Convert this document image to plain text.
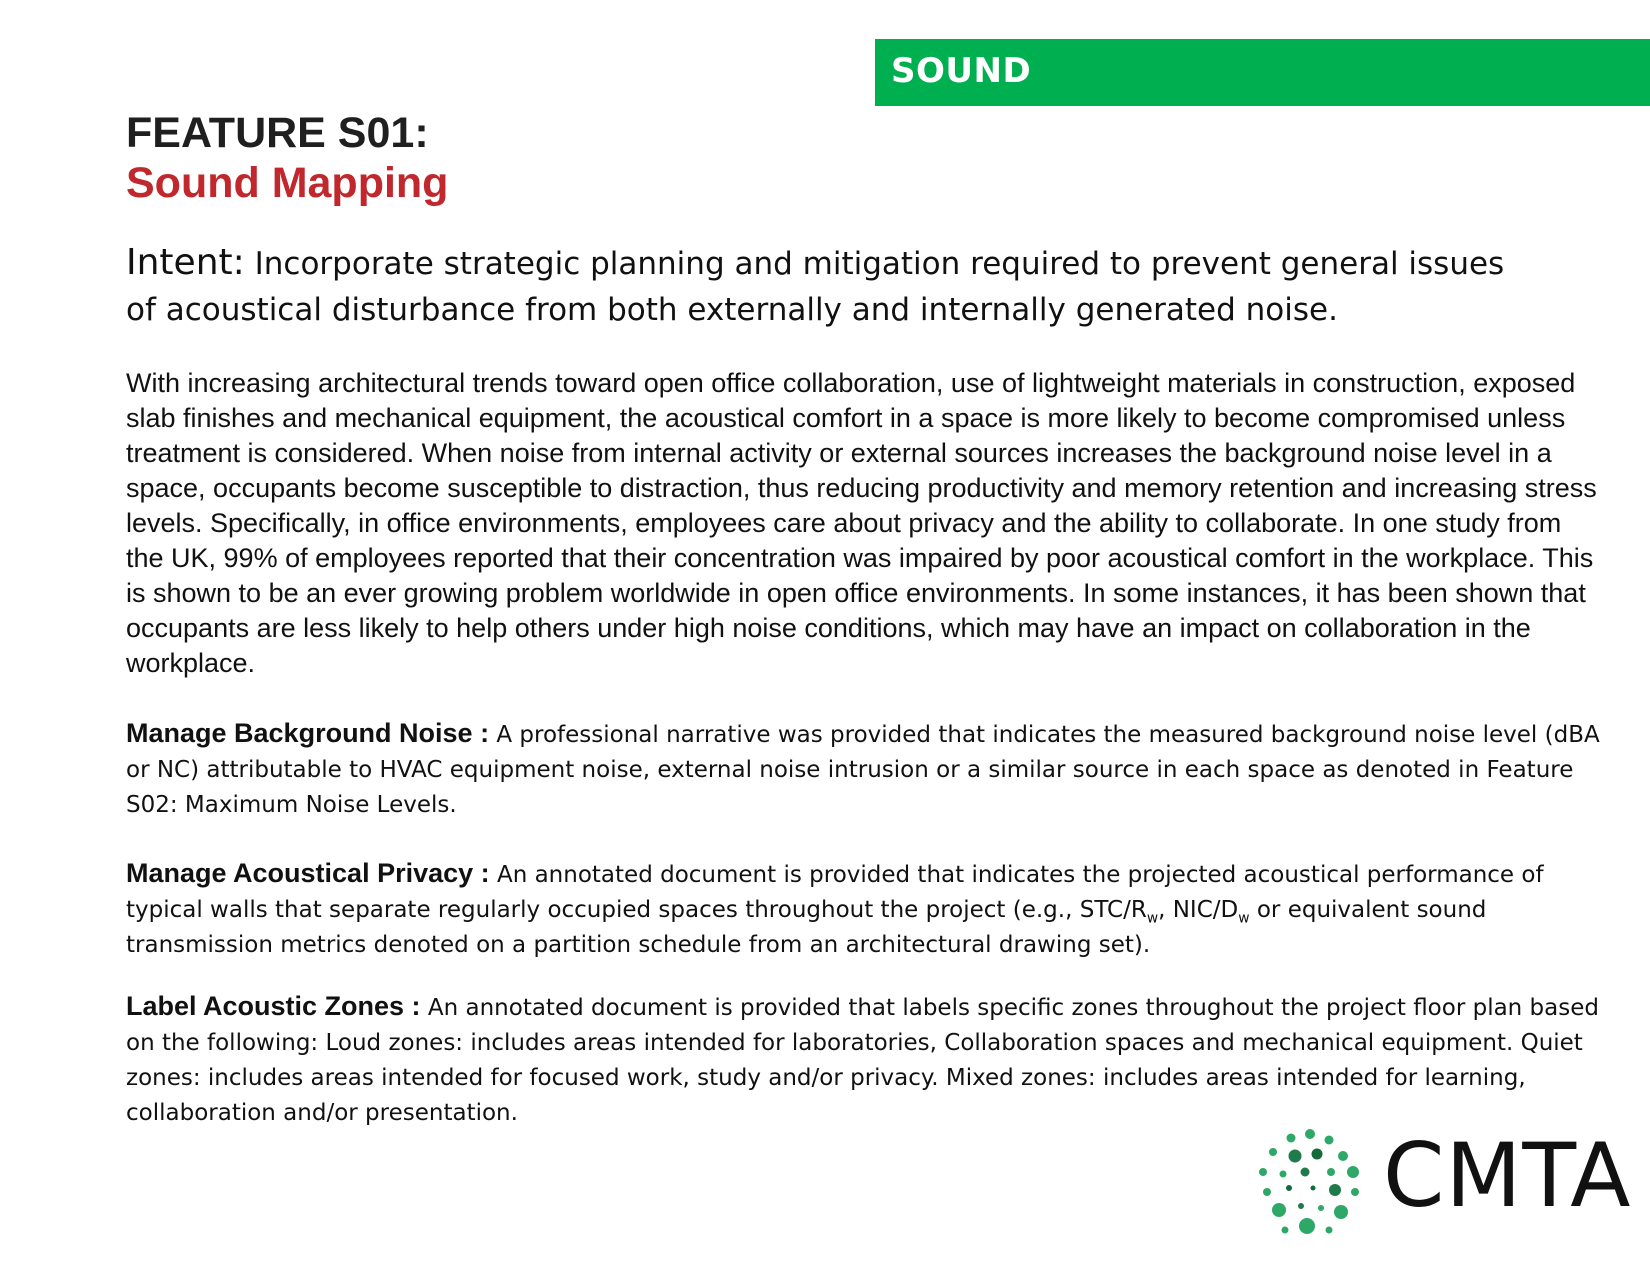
SOUND
FEATURE S01:
Sound Mapping
Intent: Incorporate strategic planning and mitigation required to prevent general issues of acoustical disturbance from both externally and internally generated noise.
With increasing architectural trends toward open office collaboration, use of lightweight materials in construction, exposed slab finishes and mechanical equipment, the acoustical comfort in a space is more likely to become compromised unless treatment is considered. When noise from internal activity or external sources increases the background noise level in a space, occupants become susceptible to distraction, thus reducing productivity and memory retention and increasing stress levels. Specifically, in office environments, employees care about privacy and the ability to collaborate. In one study from the UK, 99% of employees reported that their concentration was impaired by poor acoustical comfort in the workplace. This is shown to be an ever growing problem worldwide in open office environments. In some instances, it has been shown that occupants are less likely to help others under high noise conditions, which may have an impact on collaboration in the workplace.
Manage Background Noise : A professional narrative was provided that indicates the measured background noise level (dBA or NC) attributable to HVAC equipment noise, external noise intrusion or a similar source in each space as denoted in Feature S02: Maximum Noise Levels.
Manage Acoustical Privacy : An annotated document is provided that indicates the projected acoustical performance of typical walls that separate regularly occupied spaces throughout the project (e.g., STC/$R_w$, NIC/$D_w$ or equivalent sound transmission metrics denoted on a partition schedule from an architectural drawing set).
Label Acoustic Zones : An annotated document is provided that labels specific zones throughout the project floor plan based on the following: Loud zones: includes areas intended for laboratories, Collaboration spaces and mechanical equipment. Quiet zones: includes areas intended for focused work, study and/or privacy. Mixed zones: includes areas intended for learning, collaboration and/or presentation.
CMTA
